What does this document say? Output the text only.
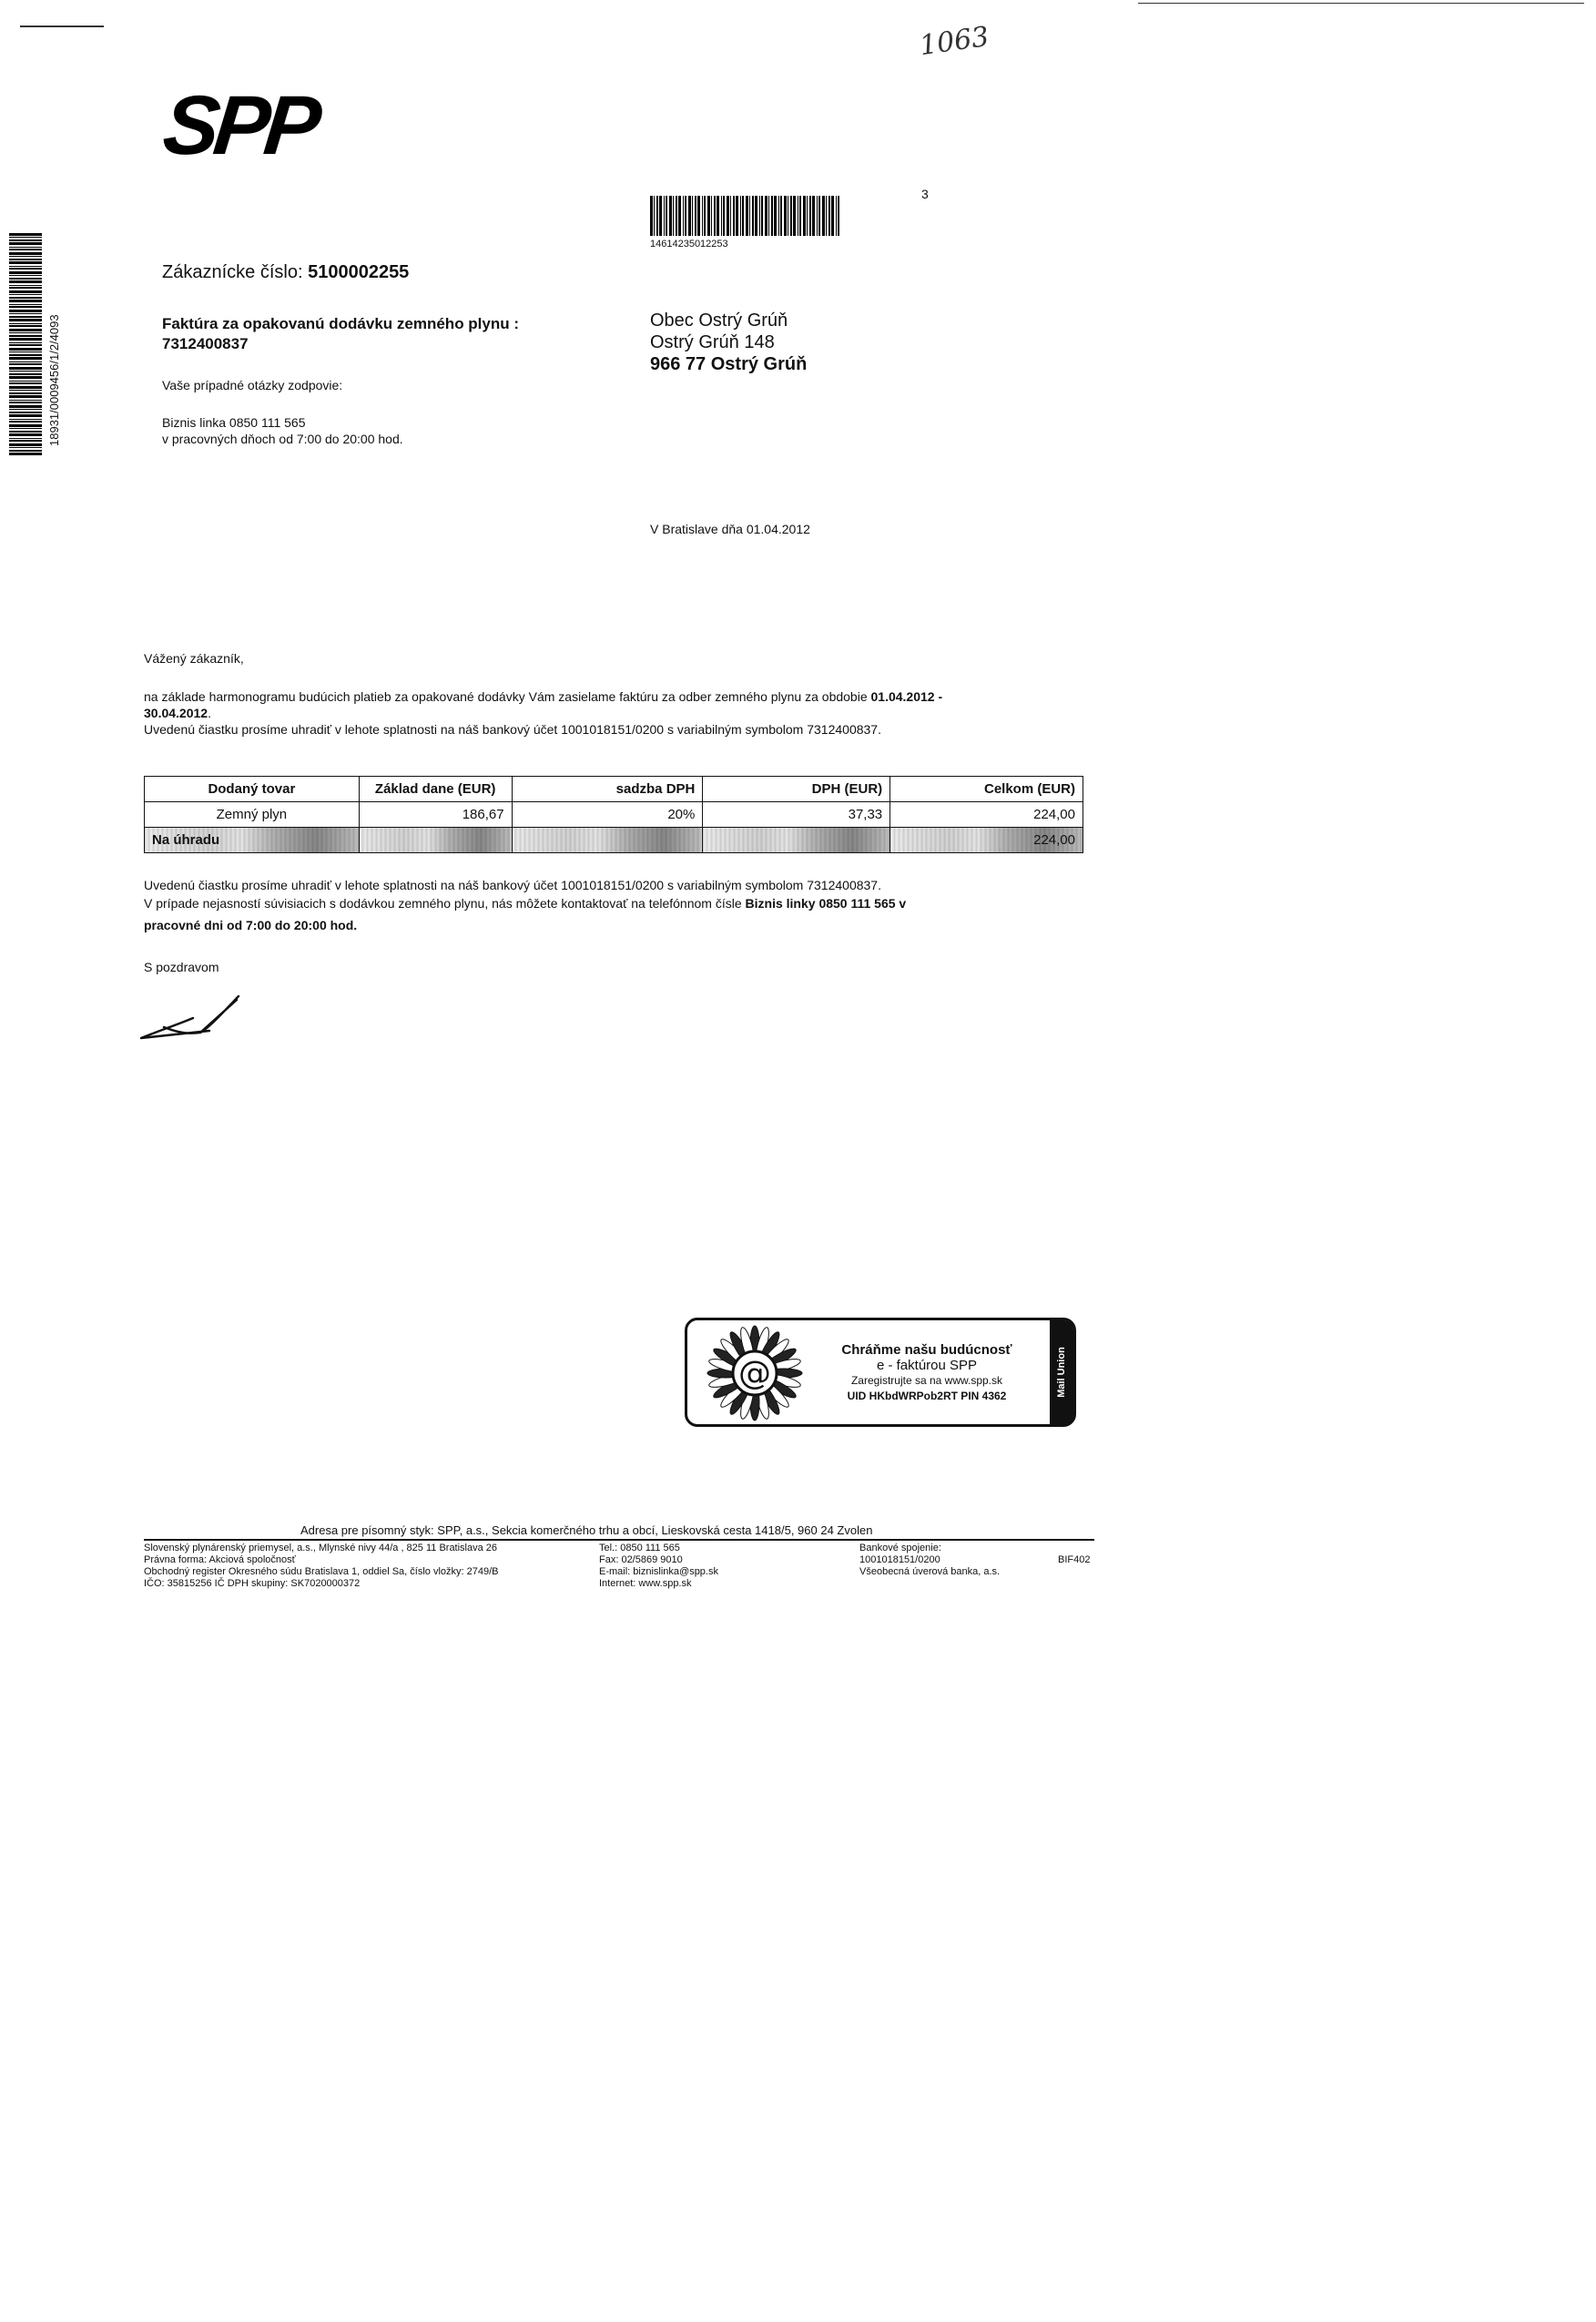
1063
SPP
3
14614235012253
18931/0009456/1/2/4093
Zákaznícke číslo: 5100002255
Faktúra za opakovanú dodávku zemného plynu :
7312400837
Vaše prípadné otázky zodpovie:
Biznis linka 0850 111 565
v pracovných dňoch od 7:00 do 20:00 hod.
Obec Ostrý Grúň
Ostrý Grúň 148
966 77 Ostrý Grúň
V Bratislave dňa 01.04.2012
Vážený zákazník,
na základe harmonogramu budúcich platieb za opakované dodávky Vám zasielame faktúru za odber zemného plynu za obdobie 01.04.2012 -
30.04.2012.
Uvedenú čiastku prosíme uhradiť v lehote splatnosti na náš bankový účet 1001018151/0200 s variabilným symbolom 7312400837.
Dodaný tovar	Základ dane (EUR)	sadzba DPH	DPH (EUR)	Celkom (EUR)
Zemný plyn	186,67	20%	37,33	224,00
Na úhradu				224,00
Uvedenú čiastku prosíme uhradiť v lehote splatnosti na náš bankový účet 1001018151/0200 s variabilným symbolom 7312400837.
V prípade nejasností súvisiacich s dodávkou zemného plynu, nás môžete kontaktovať na telefónnom čísle Biznis linky 0850 111 565 v
pracovné dni od 7:00 do 20:00 hod.
S pozdravom
@
Chráňme našu budúcnosť
e - faktúrou SPP
Zaregistrujte sa na www.spp.sk
UID HKbdWRPob2RT PIN 4362	Mail Union
Adresa pre písomný styk: SPP, a.s., Sekcia komerčného trhu a obcí, Lieskovská cesta 1418/5, 960 24 Zvolen
Slovenský plynárenský priemysel, a.s., Mlynské nivy 44/a , 825 11 Bratislava 26
Právna forma: Akciová spoločnosť
Obchodný register Okresného súdu Bratislava 1, oddiel Sa, číslo vložky: 2749/B
IČO: 35815256 IČ DPH skupiny: SK7020000372
Tel.: 0850 111 565
Fax: 02/5869 9010
E-mail: biznislinka@spp.sk
Internet: www.spp.sk
Bankové spojenie:
1001018151/0200
Všeobecná úverová banka, a.s.
BIF402
